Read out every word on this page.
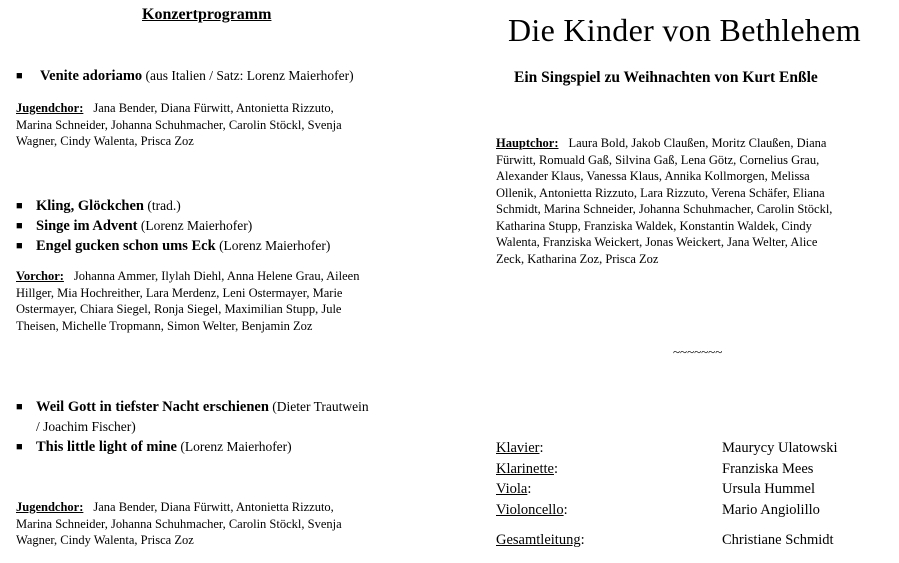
Konzertprogramm
■	Venite adoriamo (aus Italien / Satz: Lorenz Maierhofer)
Jugendchor: Jana Bender, Diana Fürwitt, Antonietta Rizzuto,
Marina Schneider, Johanna Schuhmacher, Carolin Stöckl, Svenja
Wagner, Cindy Walenta, Prisca Zoz
■ Kling, Glöckchen (trad.)
■ Singe im Advent (Lorenz Maierhofer)
■ Engel gucken schon ums Eck (Lorenz Maierhofer)
Vorchor: Johanna Ammer, Ilylah Diehl, Anna Helene Grau, Aileen
Hillger, Mia Hochreither, Lara Merdenz, Leni Ostermayer, Marie
Ostermayer, Chiara Siegel, Ronja Siegel, Maximilian Stupp, Jule
Theisen, Michelle Tropmann, Simon Welter, Benjamin Zoz
■ Weil Gott in tiefster Nacht erschienen (Dieter Trautwein
/ Joachim Fischer)
■ This little light of mine (Lorenz Maierhofer)
Jugendchor: Jana Bender, Diana Fürwitt, Antonietta Rizzuto,
Marina Schneider, Johanna Schuhmacher, Carolin Stöckl, Svenja
Wagner, Cindy Walenta, Prisca Zoz
Die Kinder von Bethlehem
Ein Singspiel zu Weihnachten von Kurt Enßle
Hauptchor: Laura Bold, Jakob Claußen, Moritz Claußen, Diana
Fürwitt, Romuald Gaß, Silvina Gaß, Lena Götz, Cornelius Grau,
Alexander Klaus, Vanessa Klaus, Annika Kollmorgen, Melissa
Ollenik, Antonietta Rizzuto, Lara Rizzuto, Verena Schäfer, Eliana
Schmidt, Marina Schneider, Johanna Schuhmacher, Carolin Stöckl,
Katharina Stupp, Franziska Waldek, Konstantin Waldek, Cindy
Walenta, Franziska Weickert, Jonas Weickert, Jana Welter, Alice
Zeck, Katharina Zoz, Prisca Zoz
~~~~~~~
Klavier:	Maurycy Ulatowski
Klarinette:	Franziska Mees
Viola:	Ursula Hummel
Violoncello:	Mario Angiolillo
Gesamtleitung:	Christiane Schmidt
